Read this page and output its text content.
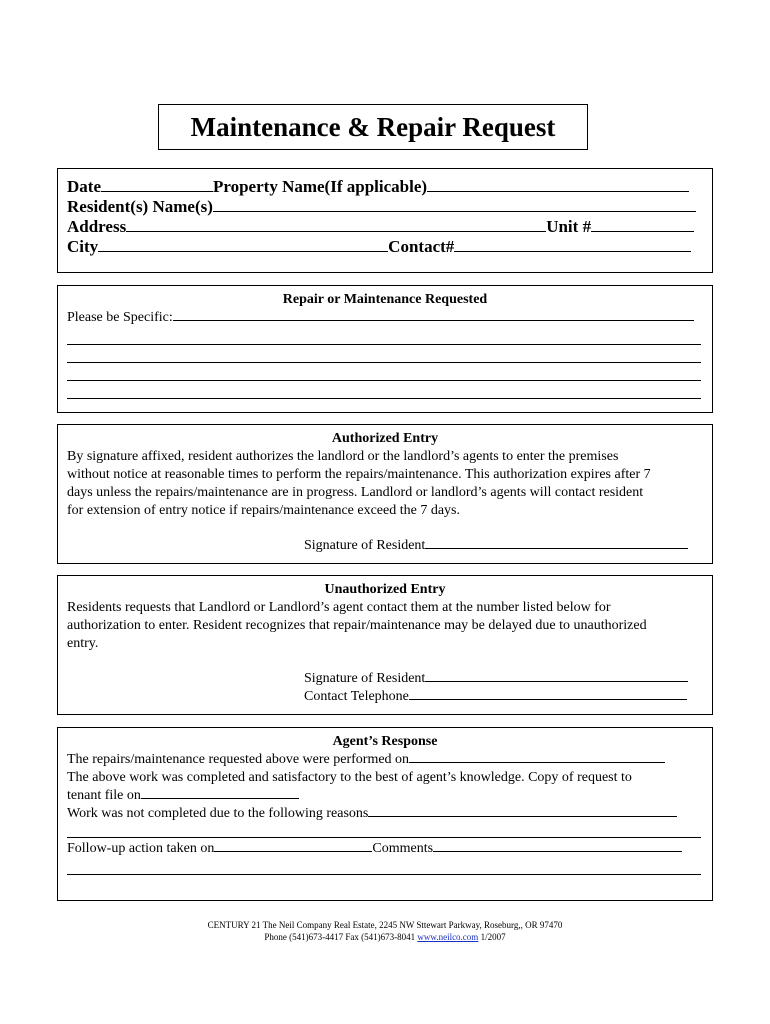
Maintenance & Repair Request
Date	Property Name(If applicable)
Resident(s) Name(s)
Address	Unit #
City	Contact#
Repair or Maintenance Requested
Please be Specific:
Authorized Entry
By signature affixed, resident authorizes the landlord or the landlord’s agents to enter the premises
without notice at reasonable times to perform the repairs/maintenance. This authorization expires after 7
days unless the repairs/maintenance are in progress. Landlord or landlord’s agents will contact resident
for extension of entry notice if repairs/maintenance exceed the 7 days.
Signature of Resident
Unauthorized Entry
Residents requests that Landlord or Landlord’s agent contact them at the number listed below for
authorization to enter. Resident recognizes that repair/maintenance may be delayed due to unauthorized
entry.
Signature of Resident
Contact Telephone
Agent’s Response
The repairs/maintenance requested above were performed on
The above work was completed and satisfactory to the best of agent’s knowledge. Copy of request to
tenant file on
Work was not completed due to the following reasons
Follow-up action taken on	Comments
CENTURY 21 The Neil Company Real Estate, 2245 NW Sttewart Parkway, Roseburg,, OR 97470
Phone (541)673-4417 Fax (541)673-8041 www.neilco.com 1/2007
